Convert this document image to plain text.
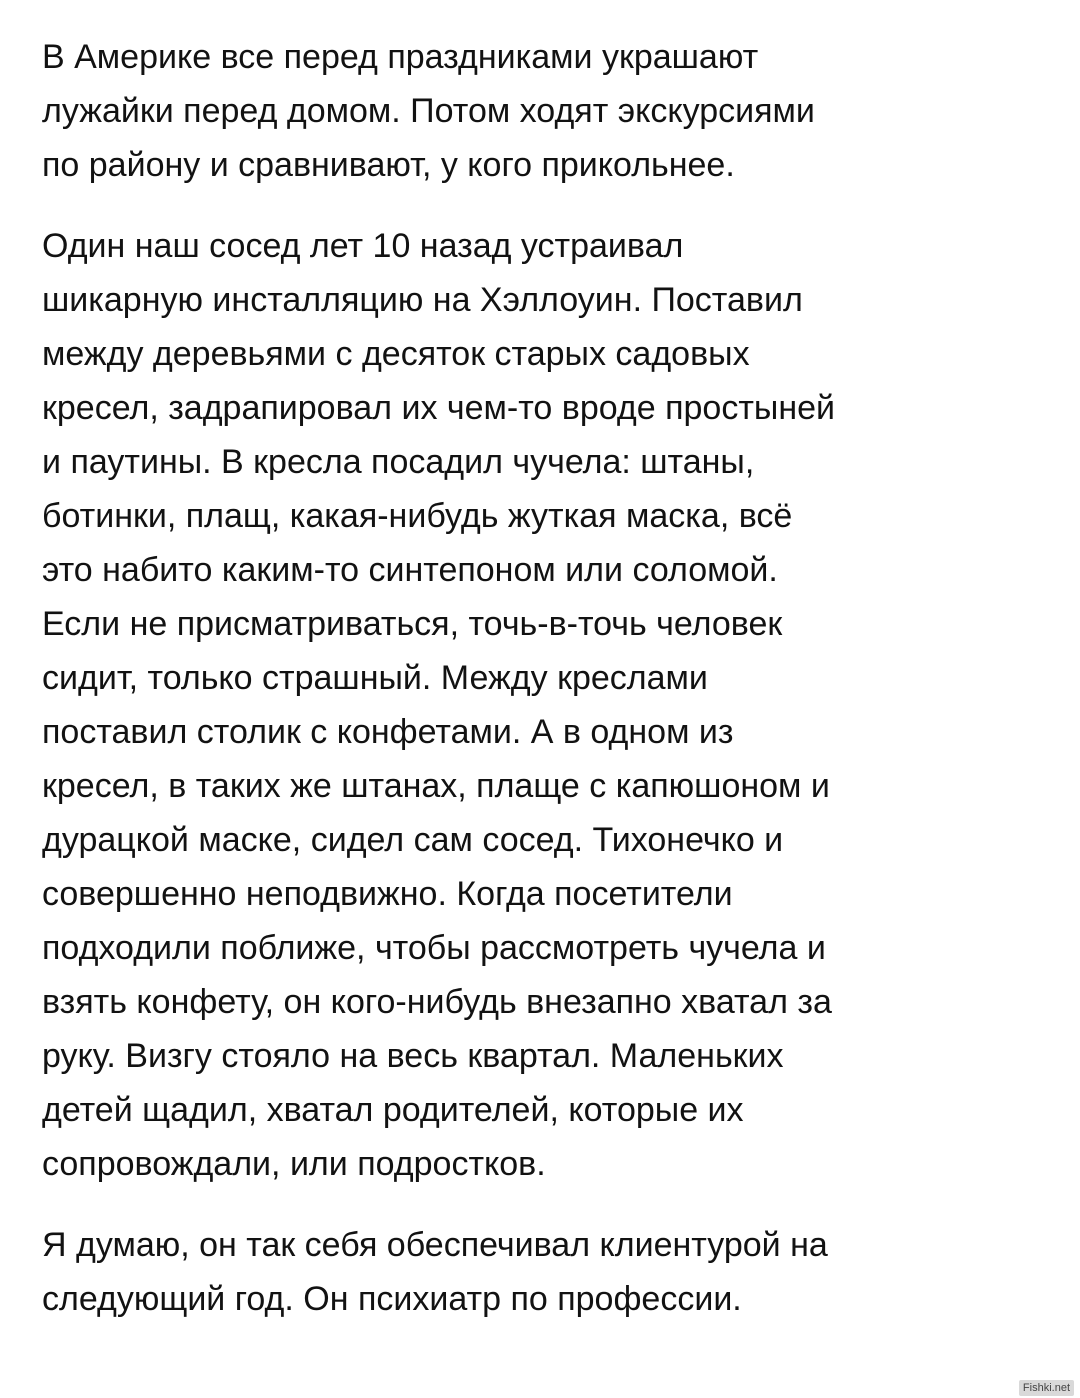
В Америке все перед праздниками украшают
лужайки перед домом. Потом ходят экскурсиями
по району и сравнивают, у кого прикольнее.

Один наш сосед лет 10 назад устраивал
шикарную инсталляцию на Хэллоуин. Поставил
между деревьями с десяток старых садовых
кресел, задрапировал их чем-то вроде простыней
и паутины. В кресла посадил чучела: штаны,
ботинки, плащ, какая-нибудь жуткая маска, всё
это набито каким-то синтепоном или соломой.
Если не присматриваться, точь-в-точь человек
сидит, только страшный. Между креслами
поставил столик с конфетами. А в одном из
кресел, в таких же штанах, плаще с капюшоном и
дурацкой маске, сидел сам сосед. Тихонечко и
совершенно неподвижно. Когда посетители
подходили поближе, чтобы рассмотреть чучела и
взять конфету, он кого-нибудь внезапно хватал за
руку. Визгу стояло на весь квартал. Маленьких
детей щадил, хватал родителей, которые их
сопровождали, или подростков.

Я думаю, он так себя обеспечивал клиентурой на
следующий год. Он психиатр по профессии.

Fishki.net
